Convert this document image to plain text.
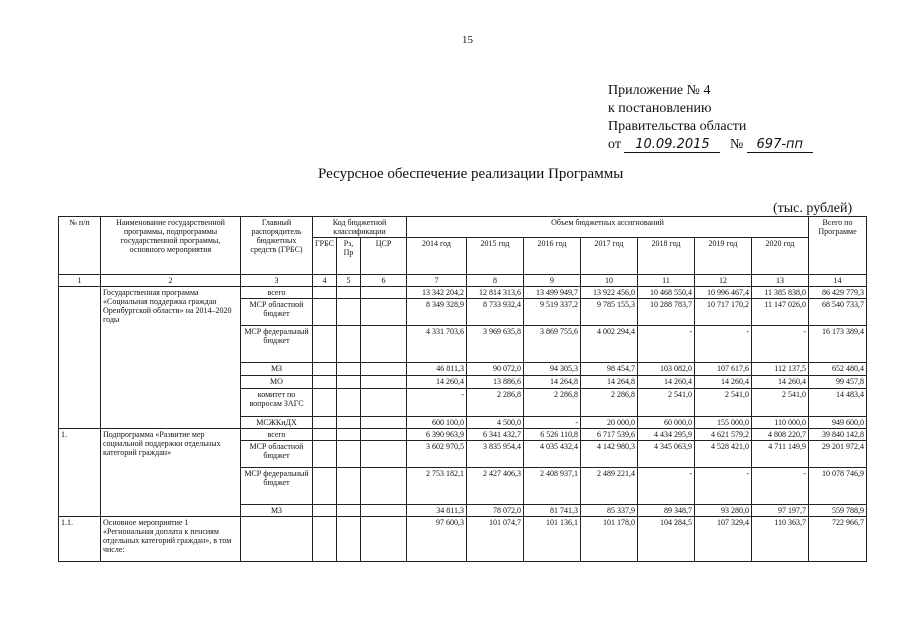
15
Приложение № 4
к постановлению
Правительства области
от 10.09.2015 № 697-пп
Ресурсное обеспечение реализации Программы
(тыс. рублей)
№ п/п	Наименование государственной программы, подпрограммы государственной программы, основного мероприятия	Главный распорядитель бюджетных средств (ГРБС)	Код бюджетной классификации			Объем бюджетных ассигнований							Всего по Программе
			ГРБС	Рз, Пр	ЦСР	2014 год	2015 год	2016 год	2017 год	2018 год	2019 год	2020 год	
1	2	3	4	5	6	7	8	9	10	11	12	13	14
	Государственная программа «Социальная поддержка граждан Оренбургской области» на 2014–2020 годы	всего				13 342 204,2	12 814 313,6	13 499 949,7	13 922 456,0	10 468 550,4	10 996 467,4	11 385 838,0	86 429 779,3
		МСР областной бюджет				8 349 328,9	8 733 932,4	9 519 337,2	9 785 155,3	10 288 783,7	10 717 170,2	11 147 026,0	68 540 733,7
		МСР федеральный бюджет				4 331 703,6	3 969 635,8	3 869 755,6	4 002 294,4	-	-	-	16 173 389,4
		МЗ				46 811,3	90 072,0	94 305,3	98 454,7	103 082,0	107 617,6	112 137,5	652 480,4
		МО				14 260,4	13 886,6	14 264,8	14 264,8	14 260,4	14 260,4	14 260,4	99 457,8
		комитет по вопросам ЗАГС				-	2 286,8	2 286,8	2 286,8	2 541,0	2 541,0	2 541,0	14 483,4
		МСЖКиДХ				600 100,0	4 500,0	-	20 000,0	60 000,0	155 000,0	110 000,0	949 600,0
1.	Подпрограмма «Развитие мер социальной поддержки отдельных категорий граждан»	всего				6 390 963,9	6 341 432,7	6 526 110,8	6 717 539,6	4 434 295,9	4 621 579,2	4 808 220,7	39 840 142,8
		МСР областной бюджет				3 602 970,5	3 835 954,4	4 035 432,4	4 142 980,3	4 345 063,9	4 528 421,0	4 711 149,9	29 201 972,4
		МСР федеральный бюджет				2 753 182,1	2 427 406,3	2 408 937,1	2 489 221,4	-	-	-	10 078 746,9
		МЗ				34 811,3	78 072,0	81 741,3	85 337,9	89 348,7	93 280,0	97 197,7	559 788,9
1.1.	Основное мероприятие 1 «Региональная доплата к пенсиям отдельных категорий граждан», в том числе:					97 600,3	101 074,7	101 136,1	101 178,0	104 284,5	107 329,4	110 363,7	722 966,7
